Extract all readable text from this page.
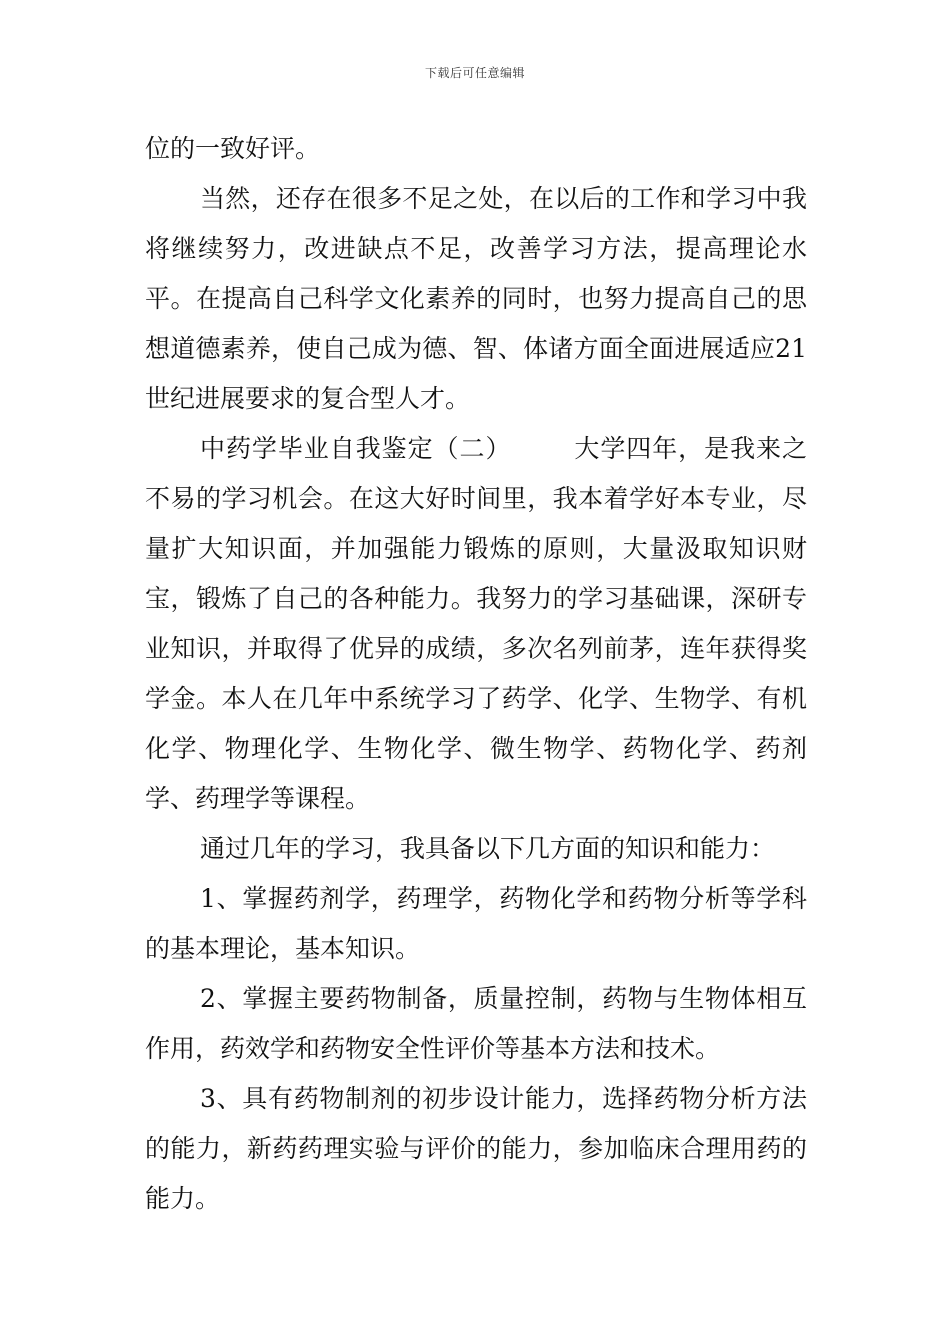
下载后可任意编辑

位的一致好评。

当然，还存在很多不足之处，在以后的工作和学习中我将继续努力，改进缺点不足，改善学习方法，提高理论水平。在提高自己科学文化素养的同时，也努力提高自己的思想道德素养，使自己成为德、智、体诸方面全面进展适应21世纪进展要求的复合型人才。

中药学毕业自我鉴定（二） 大学四年，是我来之不易的学习机会。在这大好时间里，我本着学好本专业，尽量扩大知识面，并加强能力锻炼的原则，大量汲取知识财宝，锻炼了自己的各种能力。我努力的学习基础课，深研专业知识，并取得了优异的成绩，多次名列前茅，连年获得奖学金。本人在几年中系统学习了药学、化学、生物学、有机化学、物理化学、生物化学、微生物学、药物化学、药剂学、药理学等课程。

通过几年的学习，我具备以下几方面的知识和能力：

1、掌握药剂学，药理学，药物化学和药物分析等学科的基本理论，基本知识。

2、掌握主要药物制备，质量控制，药物与生物体相互作用，药效学和药物安全性评价等基本方法和技术。

3、具有药物制剂的初步设计能力，选择药物分析方法的能力，新药药理实验与评价的能力，参加临床合理用药的能力。
